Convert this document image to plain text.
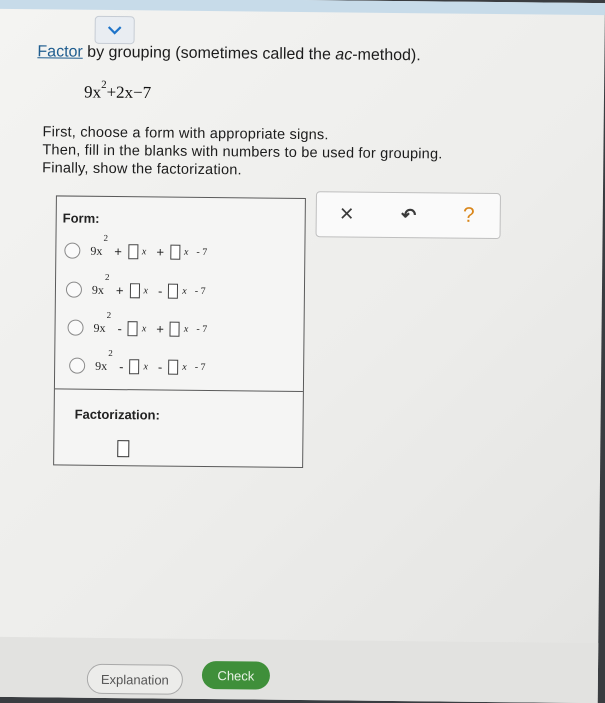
Factor by grouping (sometimes called the ac-method).
$9x^2+2x-7$
First, choose a form with appropriate signs.
Then, fill in the blanks with numbers to be used for grouping.
Finally, show the factorization.
Form:
9x
2
+ x + x - 7
9x
2
+ x - x - 7
9x
2
- x + x - 7
9x
2
- x - x - 7
Factorization:
×	↶ ?
Explanation	Check
